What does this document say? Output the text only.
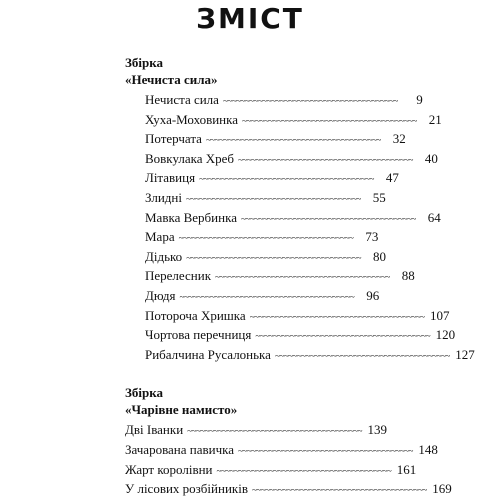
ЗМІСТ
Збірка
«Нечиста сила»
Нечиста сила ~~~~~~~~~~~~~~~~~~~~~~~~~~~~~~~~~~~~~~~~	9
Хуха-Моховинка ~~~~~~~~~~~~~~~~~~~~~~~~~~~~~~~~~~~~~~~~ 21
Потерчата ~~~~~~~~~~~~~~~~~~~~~~~~~~~~~~~~~~~~~~~~ 32
Вовкулака Хреб ~~~~~~~~~~~~~~~~~~~~~~~~~~~~~~~~~~~~~~~~ 40
Літавиця ~~~~~~~~~~~~~~~~~~~~~~~~~~~~~~~~~~~~~~~~ 47
Злидні ~~~~~~~~~~~~~~~~~~~~~~~~~~~~~~~~~~~~~~~~ 55
Мавка Вербинка ~~~~~~~~~~~~~~~~~~~~~~~~~~~~~~~~~~~~~~~~ 64
Мара ~~~~~~~~~~~~~~~~~~~~~~~~~~~~~~~~~~~~~~~~ 73
Дідько ~~~~~~~~~~~~~~~~~~~~~~~~~~~~~~~~~~~~~~~~ 80
Перелесник ~~~~~~~~~~~~~~~~~~~~~~~~~~~~~~~~~~~~~~~~ 88
Дюдя ~~~~~~~~~~~~~~~~~~~~~~~~~~~~~~~~~~~~~~~~ 96
Потороча Хришка ~~~~~~~~~~~~~~~~~~~~~~~~~~~~~~~~~~~~~~~~ 107
Чортова перечниця ~~~~~~~~~~~~~~~~~~~~~~~~~~~~~~~~~~~~~~~~ 120
Рибалчина Русалонька ~~~~~~~~~~~~~~~~~~~~~~~~~~~~~~~~~~~~~~~~ 127
Збірка
«Чарівне намисто»
Дві Іванки ~~~~~~~~~~~~~~~~~~~~~~~~~~~~~~~~~~~~~~~~ 139
Зачарована павичка ~~~~~~~~~~~~~~~~~~~~~~~~~~~~~~~~~~~~~~~~ 148
Жарт королівни ~~~~~~~~~~~~~~~~~~~~~~~~~~~~~~~~~~~~~~~~ 161
У лісових розбійників ~~~~~~~~~~~~~~~~~~~~~~~~~~~~~~~~~~~~~~~~ 169
